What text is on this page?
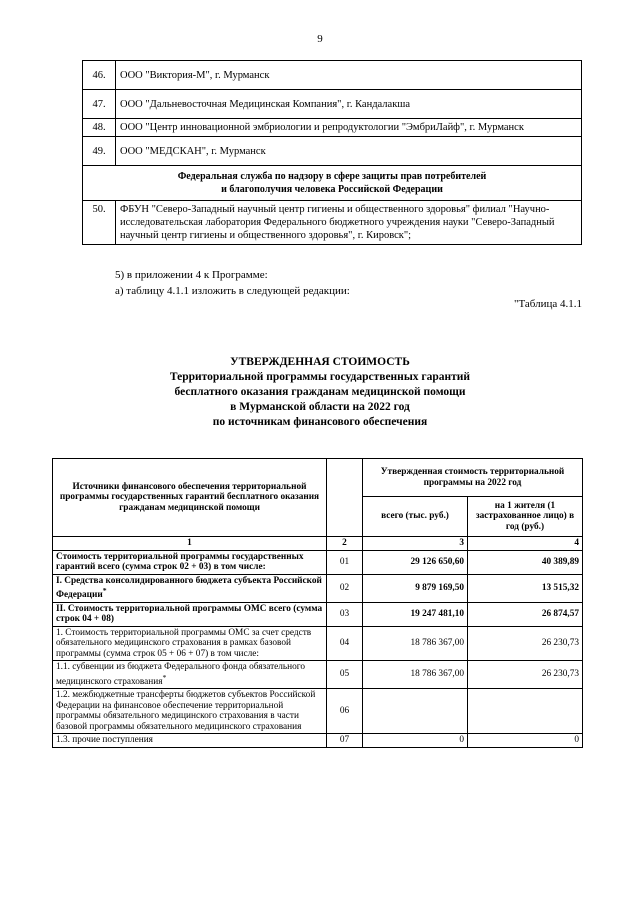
9
46.	ООО "Виктория-М", г. Мурманск
47.	ООО "Дальневосточная Медицинская Компания", г. Кандалакша
48.	ООО "Центр инновационной эмбриологии и репродуктологии "ЭмбриЛайф", г. Мурманск
49.	ООО "МЕДСКАН", г. Мурманск

Федеральная служба по надзору в сфере защиты прав потребителей
и благополучия человека Российской Федерации	

50.	ФБУН "Северо-Западный научный центр гигиены и общественного здоровья" филиал "Научно-исследовательская лаборатория Федерального бюджетного учреждения науки "Северо-Западный научный центр гигиены и общественного здоровья", г. Кировск";
5) в приложении 4 к Программе:
а) таблицу 4.1.1 изложить в следующей редакции:
"Таблица 4.1.1
УТВЕРЖДЕННАЯ СТОИМОСТЬ
Территориальной программы государственных гарантий
бесплатного оказания гражданам медицинской помощи
в Мурманской области на 2022 год
по источникам финансового обеспечения
Источники финансового обеспечения территориальной программы государственных гарантий бесплатного оказания гражданам медицинской помощи		Утвержденная стоимость территориальной программы на 2022 год	
		всего (тыс. руб.)	на 1 жителя (1 застрахованное лицо) в год (руб.)
1	2	3	4
Стоимость территориальной программы государственных гарантий всего (сумма строк 02 + 03) в том числе:	01	29 126 650,60	40 389,89
I. Средства консолидированного бюджета субъекта Российской Федерации*	02	9 879 169,50	13 515,32
II. Стоимость территориальной программы ОМС всего (сумма строк 04 + 08)	03	19 247 481,10	26 874,57
1. Стоимость территориальной программы ОМС за счет средств обязательного медицинского страхования в рамках базовой программы (сумма строк 05 + 06 + 07) в том числе:	04	18 786 367,00	26 230,73
1.1. субвенции из бюджета Федерального фонда обязательного медицинского страхования*	05	18 786 367,00	26 230,73
1.2. межбюджетные трансферты бюджетов субъектов Российской Федерации на финансовое обеспечение территориальной программы обязательного медицинского страхования в части базовой программы обязательного медицинского страхования	06		
1.3. прочие поступления	07	0	0
